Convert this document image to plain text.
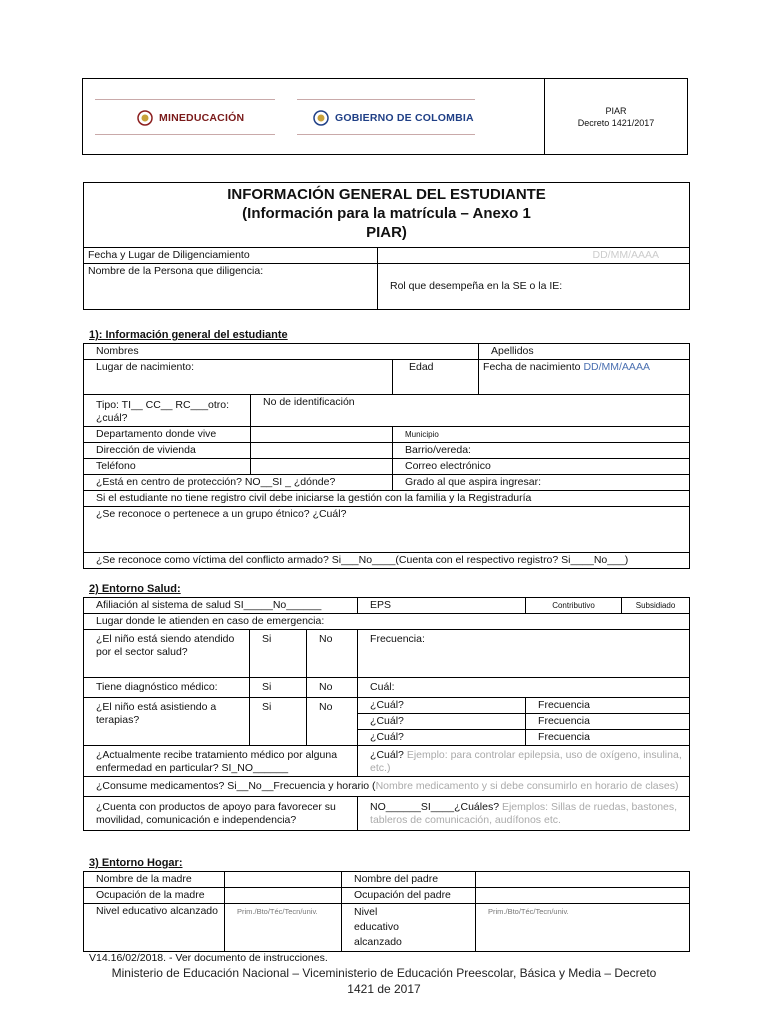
MINEDUCACIÓN	GOBIERNO DE COLOMBIA
PIAR
Decreto 1421/2017
INFORMACIÓN GENERAL DEL ESTUDIANTE
(Información para la matrícula – Anexo 1
PIAR)	

Fecha y Lugar de Diligenciamiento	DD/MM/AAAA
Nombre de la Persona que diligencia:	Rol que desempeña en la SE o la IE:
1): Información general del estudiante
Nombres			Apellidos
Lugar de nacimiento:		Edad	Fecha de nacimiento DD/MM/AAAA

Tipo: TI__ CC__ RC___otro:
¿cuál?	No de identificación		
Departamento donde vive		Municipio	
Dirección de vivienda		Barrio/vereda:	
Teléfono		Correo electrónico	
¿Está en centro de protección? NO__SI _ ¿dónde?		Grado al que aspira ingresar:	
Si el estudiante no tiene registro civil debe iniciarse la gestión con la familia y la Registraduría			
¿Se reconoce o pertenece a un grupo étnico? ¿Cuál?			
¿Se reconoce como víctima del conflicto armado? Si___No____(Cuenta con el respectivo registro? Si____No___)			
2) Entorno Salud:
Afiliación al sistema de salud SI_____No______			EPS	Contributivo	Subsidiado
Lugar donde le atienden en caso de emergencia:					
¿El niño está siendo atendido por el sector salud?	Si	No	Frecuencia:		
Tiene diagnóstico médico:	Si	No	Cuál:		
¿El niño está asistiendo a terapias?	Si	No	¿Cuál?	Frecuencia	
			¿Cuál?	Frecuencia	
			¿Cuál?	Frecuencia	
¿Actualmente recibe tratamiento médico por alguna enfermedad en particular? SI_NO______			¿Cuál? Ejemplo: para controlar epilepsia, uso de oxígeno, insulina, etc.)		
¿Consume medicamentos? Si__No__Frecuencia y horario (Nombre medicamento y si debe consumirlo en horario de clases)					
¿Cuenta con productos de apoyo para favorecer su movilidad, comunicación e independencia?			NO______SI____¿Cuáles? Ejemplos: Sillas de ruedas, bastones, tableros de comunicación, audífonos etc.		
3) Entorno Hogar:
Nombre de la madre		Nombre del padre	
Ocupación de la madre		Ocupación del padre	
Nivel educativo alcanzado	Prim./Bto/Téc/Tecn/univ.	Nivel educativo alcanzado	Prim./Bto/Téc/Tecn/univ.
V14.16/02/2018. - Ver documento de instrucciones.
Ministerio de Educación Nacional – Viceministerio de Educación Preescolar, Básica y Media – Decreto
1421 de 2017
